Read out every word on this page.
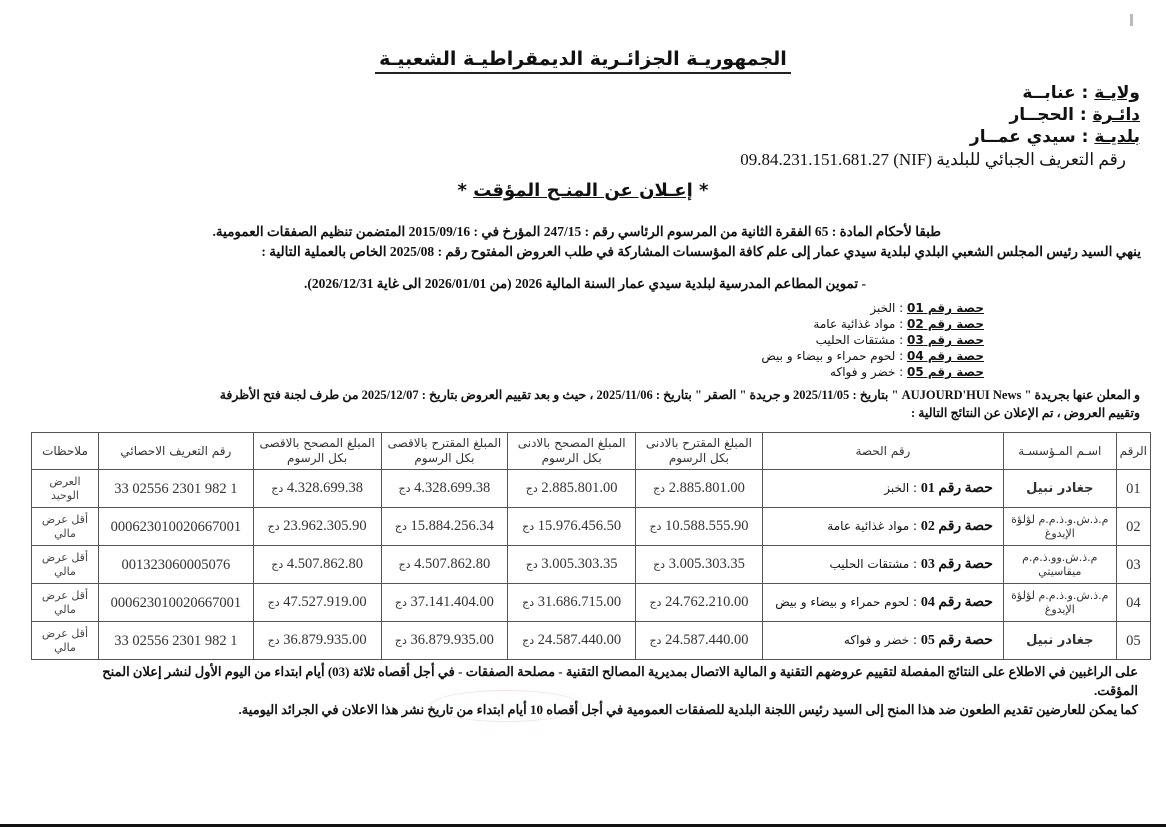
الجمهوريـة الجزائـرية الديمقراطيـة الشعبيـة
ولايـة : عنابــة
دائـرة : الحجــار
بلديـة : سيدي عمــار
رقم التعريف الجبائي للبلدية (NIF) 09.84.231.151.681.27
* إعـلان عن المنـح المؤقت *
طبقا لأحكام المادة : 65 الفقرة الثانية من المرسوم الرئاسي رقم : 247/15 المؤرخ في : 2015/09/16 المتضمن تنظيم الصفقات العمومية.
ينهي السيد رئيس المجلس الشعبي البلدي لبلدية سيدي عمار إلى علم كافة المؤسسات المشاركة في طلب العروض المفتوح رقم : 2025/08 الخاص بالعملية التالية :
- تموين المطاعم المدرسية لبلدية سيدي عمار السنة المالية 2026 (من 2026/01/01 الى غاية 2026/12/31).
حصة رقم 01 : الخبز
حصة رقم 02 : مواد غذائية عامة
حصة رقم 03 : مشتقات الحليب
حصة رقم 04 : لحوم حمراء و بيضاء و بيض
حصة رقم 05 : خضر و فواكه
و المعلن عنها بجريدة " AUJOURD'HUI News " بتاريخ : 2025/11/05 و جريدة " الصقر " بتاريخ : 2025/11/06 ، حيث و بعد تقييم العروض بتاريخ : 2025/12/07 من طرف لجنة فتح الأظرفة
وتقييم العروض ، تم الإعلان عن النتائج التالية :
الرقم	اسـم المـؤسسـة	رقم الحصة	المبلغ المقترح بالادنى بكل الرسوم	المبلغ المصحح بالادنى بكل الرسوم	المبلغ المقترح بالاقصى بكل الرسوم	المبلغ المصحح بالاقصى بكل الرسوم	رقم التعريف الاحصائي	ملاحظات
01	جغادر نبيل	حصة رقم 01 : الخبز	2.885.801.00 دج	2.885.801.00 دج	4.328.699.38 دج	4.328.699.38 دج	1 982 2301 02556 33	العرض الوحيد
02	م.ذ.ش.و.ذ.م.م لؤلؤة الإيدوغ	حصة رقم 02 : مواد غذائية عامة	10.588.555.90 دج	15.976.456.50 دج	15.884.256.34 دج	23.962.305.90 دج	000623010020667001	أقل عرض مالي
03	م.ذ.ش.وو.ذ.م.م ميقاسيتي	حصة رقم 03 : مشتقات الحليب	3.005.303.35 دج	3.005.303.35 دج	4.507.862.80 دج	4.507.862.80 دج	001323060005076	أقل عرض مالي
04	م.ذ.ش.و.ذ.م.م لؤلؤة الإيدوغ	حصة رقم 04 : لحوم حمراء و بيضاء و بيض	24.762.210.00 دج	31.686.715.00 دج	37.141.404.00 دج	47.527.919.00 دج	000623010020667001	أقل عرض مالي
05	جغادر نبيل	حصة رقم 05 : خضر و فواكه	24.587.440.00 دج	24.587.440.00 دج	36.879.935.00 دج	36.879.935.00 دج	1 982 2301 02556 33	أقل عرض مالي
على الراغبين في الاطلاع على النتائج المفصلة لتقييم عروضهم التقنية و المالية الاتصال بمديرية المصالح التقنية - مصلحة الصفقات - في أجل أقصاه ثلاثة (03) أيام ابتداء من اليوم الأول لنشر إعلان المنح المؤقت.
كما يمكن للعارضين تقديم الطعون ضد هذا المنح إلى السيد رئيس اللجنة البلدية للصفقات العمومية في أجل أقصاه 10 أيام ابتداء من تاريخ نشر هذا الاعلان في الجرائد اليومية.
